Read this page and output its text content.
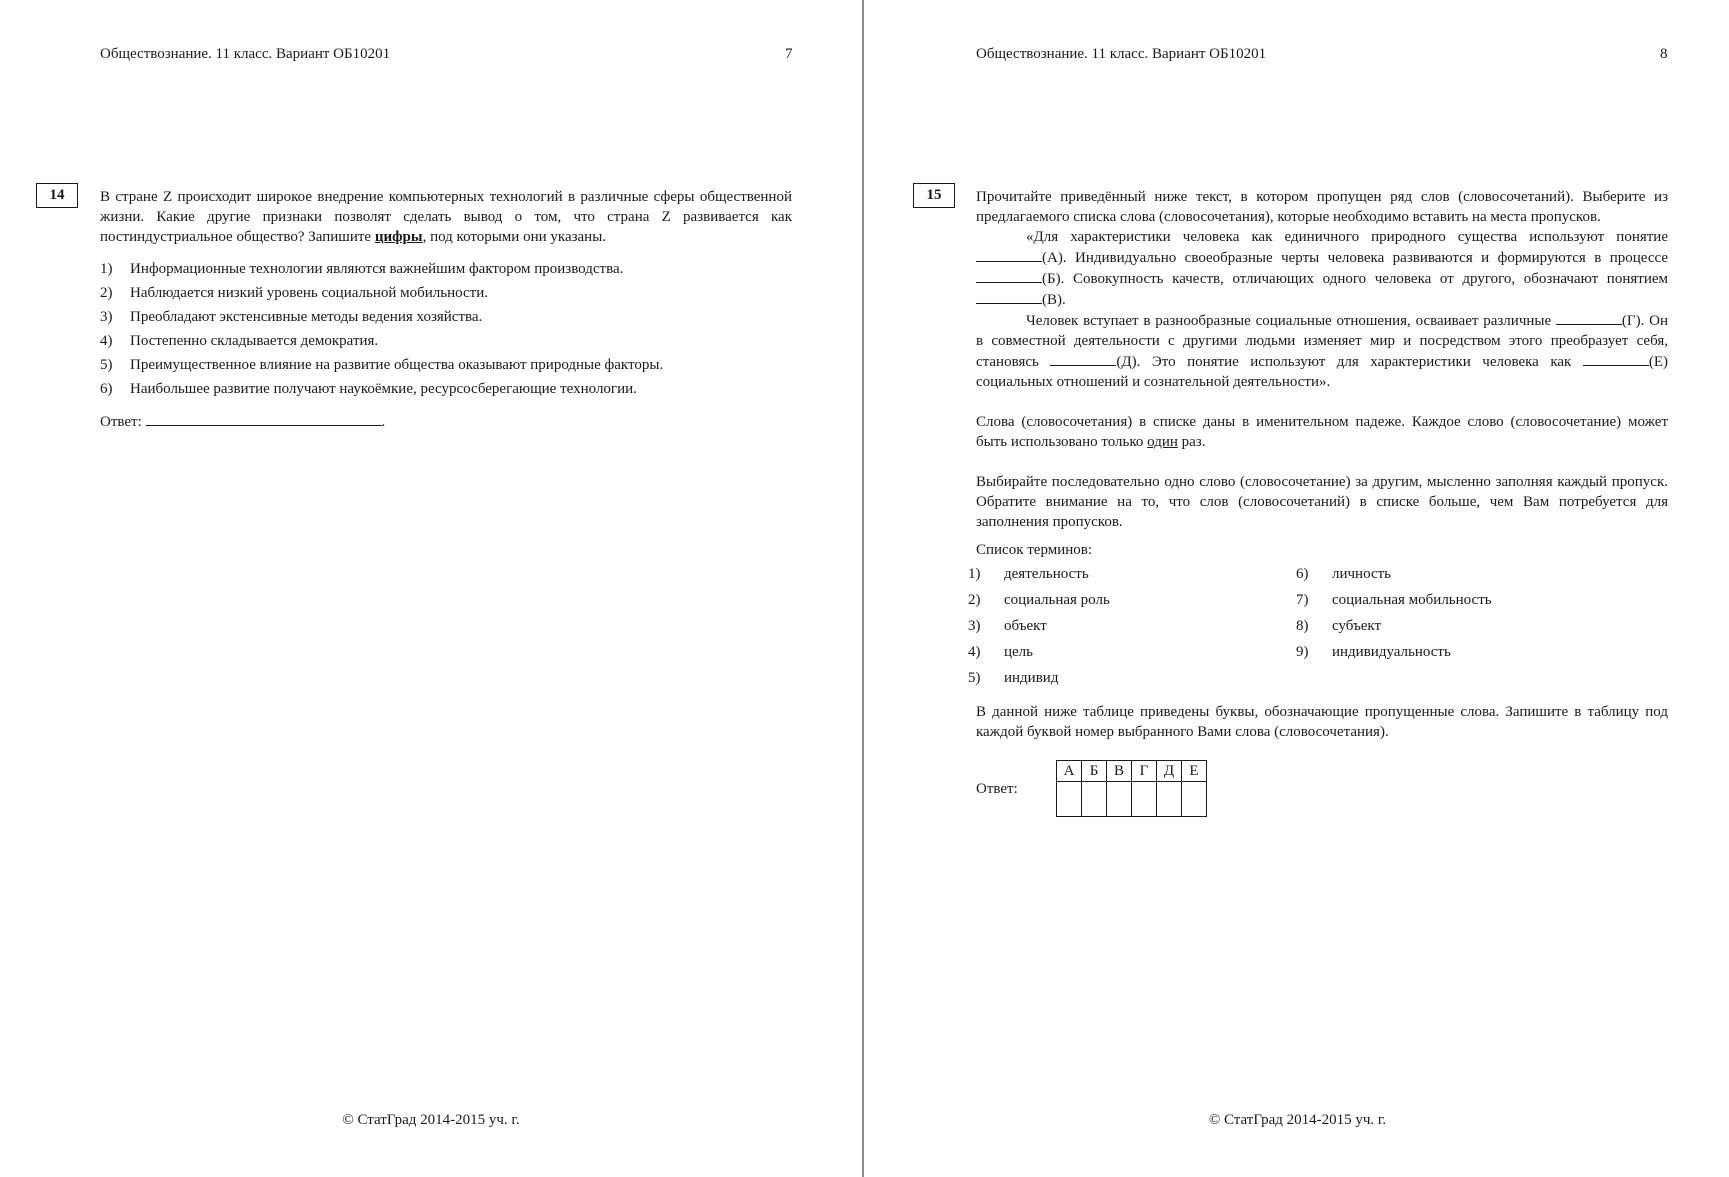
Обществознание. 11 класс. Вариант ОБ10201	7
14	В стране Z происходит широкое внедрение компьютерных технологий в различные сферы общественной жизни. Какие другие признаки позволят сделать вывод о том, что страна Z развивается как постиндустриальное общество? Запишите цифры, под которыми они указаны.

1)	Информационные технологии являются важнейшим фактором производства.
2)	Наблюдается низкий уровень социальной мобильности.
3)	Преобладают экстенсивные методы ведения хозяйства.
4)	Постепенно складывается демократия.
5)	Преимущественное влияние на развитие общества оказывают природные факторы.
6)	Наибольшее развитие получают наукоёмкие, ресурсосберегающие технологии.
Ответ:	.
© СтатГрад 2014-2015 уч. г.
Обществознание. 11 класс. Вариант ОБ10201	8
15	Прочитайте приведённый ниже текст, в котором пропущен ряд слов (словосочетаний). Выберите из предлагаемого списка слова (словосочетания), которые необходимо вставить на места пропусков.

«Для характеристики человека как единичного природного существа используют понятие (А). Индивидуально своеобразные черты человека развиваются и формируются в процессе (Б). Совокупность качеств, отличающих одного человека от другого, обозначают понятием (В).

Человек вступает в разнообразные социальные отношения, осваивает различные	(Г). Он в совместной деятельности с другими людьми изменяет мир и посредством этого преобразует себя, становясь	(Д). Это понятие используют для характеристики человека как	(Е) социальных отношений и сознательной деятельности».

Слова (словосочетания) в списке даны в именительном падеже. Каждое слово (словосочетание) может быть использовано только один раз.

Выбирайте последовательно одно слово (словосочетание) за другим, мысленно заполняя каждый пропуск. Обратите внимание на то, что слов (словосочетаний) в списке больше, чем Вам потребуется для заполнения пропусков.

Список терминов:

1)	деятельность	6)	личность
2)	социальная роль	7)	социальная мобильность
3)	объект	8)	субъект
4)	цель	9)	индивидуальность
5)	индивид

В данной ниже таблице приведены буквы, обозначающие пропущенные слова. Запишите в таблицу под каждой буквой номер выбранного Вами слова (словосочетания).

Ответ:
А	Б	В	Г	Д	Е

© СтатГрад 2014-2015 уч. г.
